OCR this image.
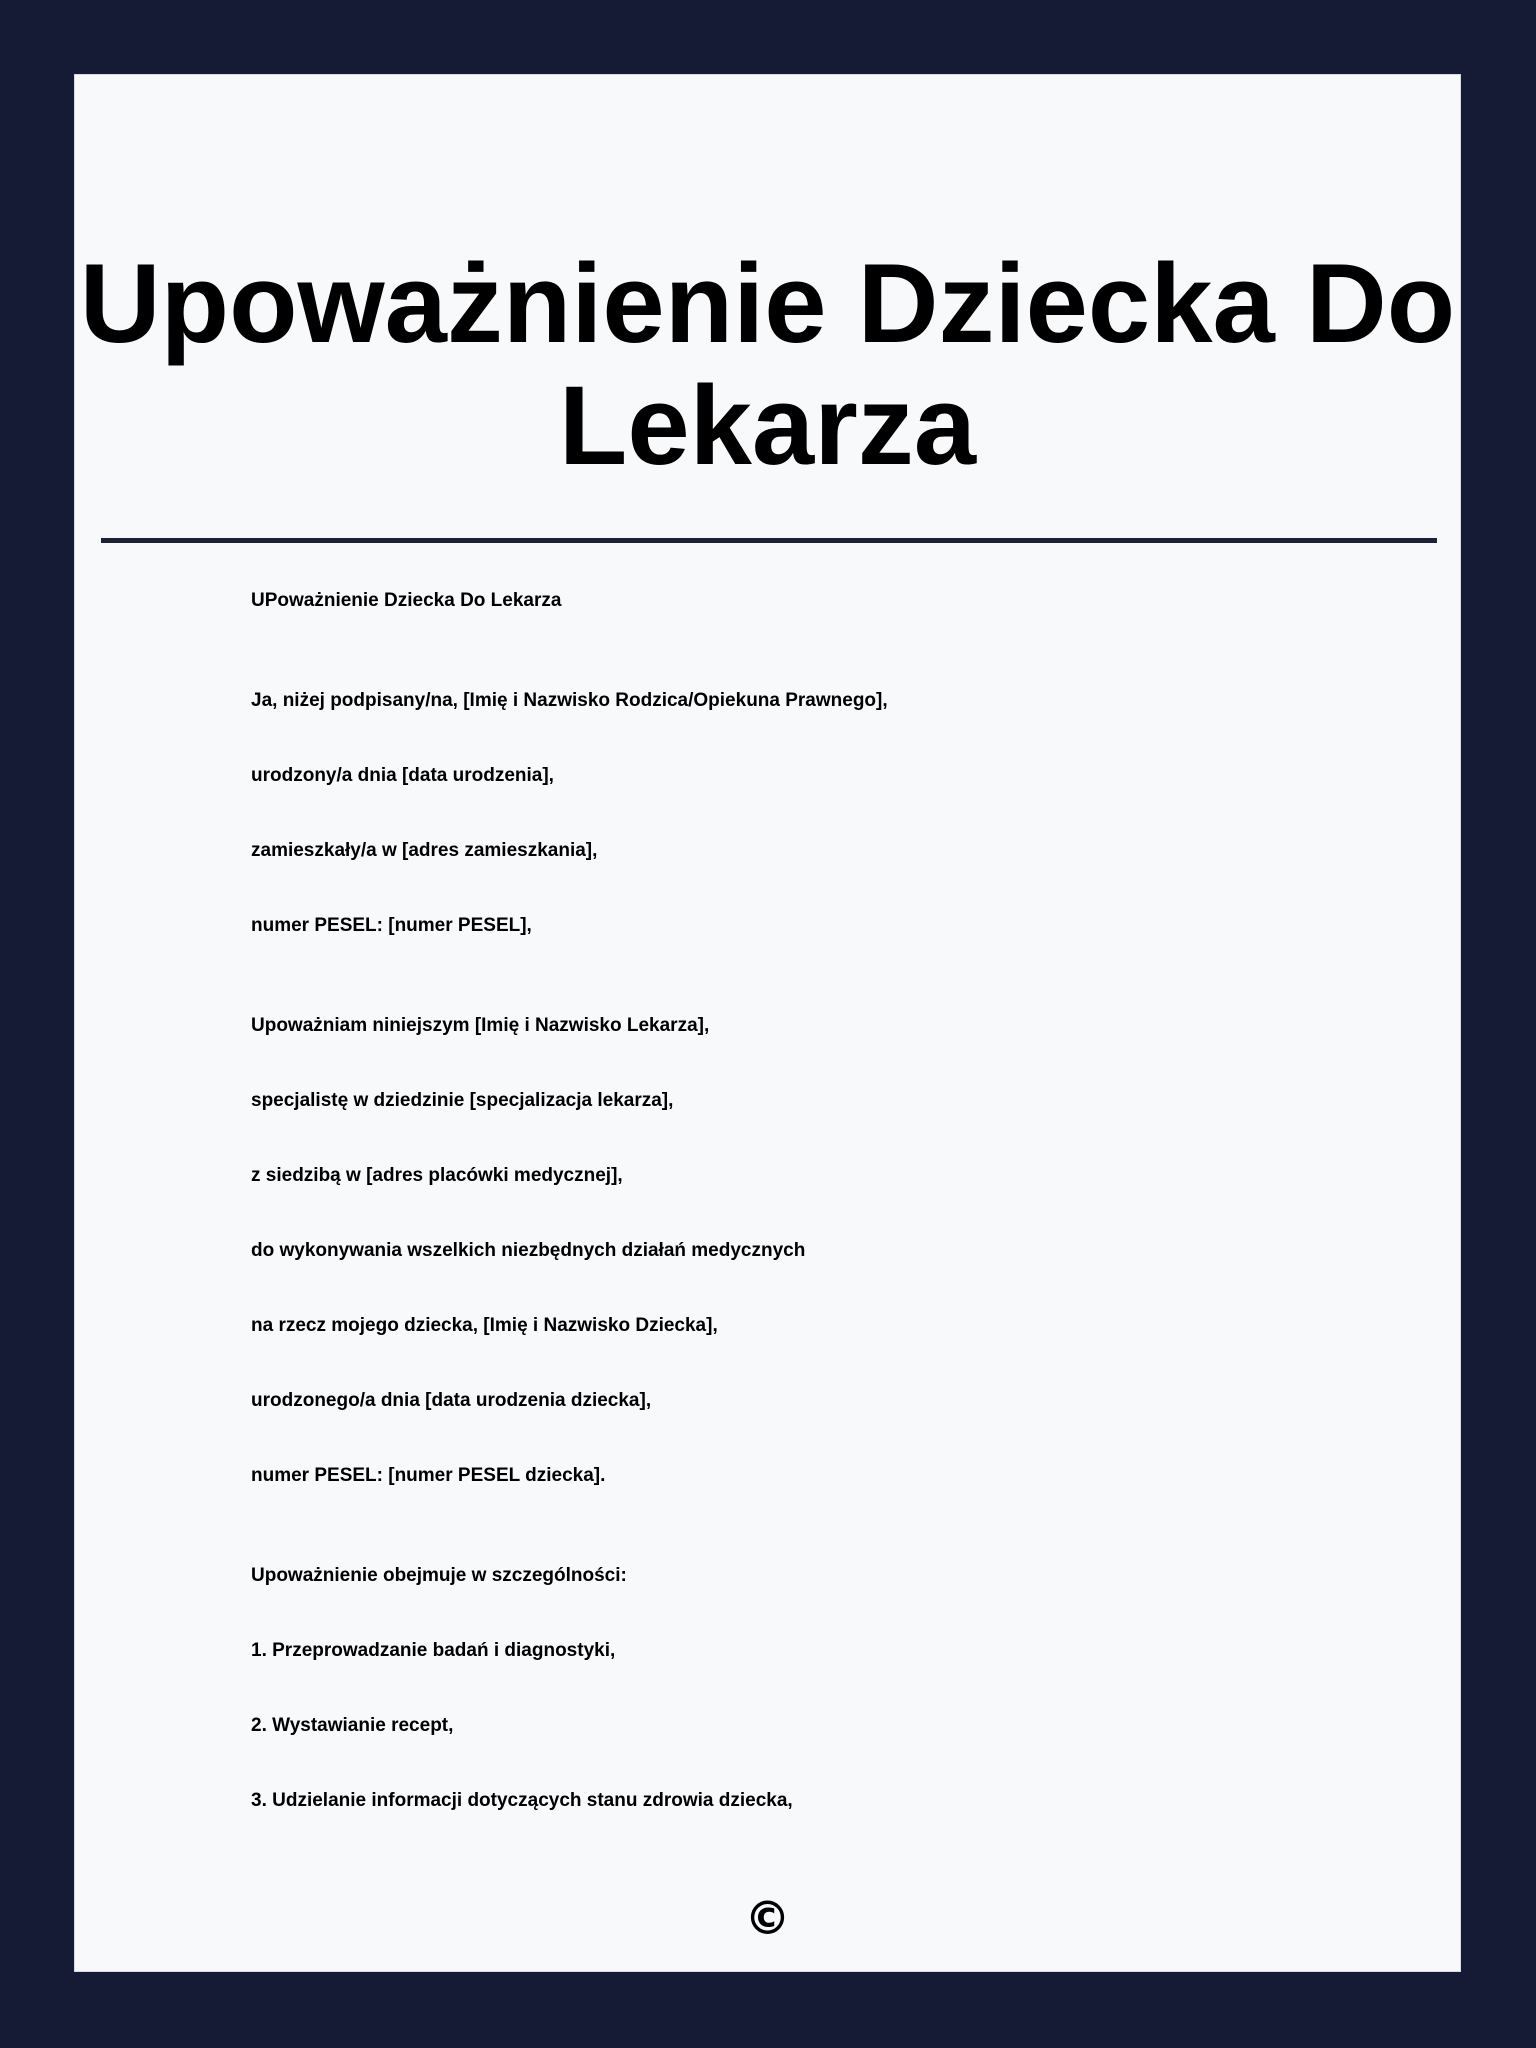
Upoważnienie Dziecka Do Lekarza

UPoważnienie Dziecka Do Lekarza

Ja, niżej podpisany/na, [Imię i Nazwisko Rodzica/Opiekuna Prawnego],

urodzony/a dnia [data urodzenia],

zamieszkały/a w [adres zamieszkania],

numer PESEL: [numer PESEL],

Upoważniam niniejszym [Imię i Nazwisko Lekarza],

specjalistę w dziedzinie [specjalizacja lekarza],

z siedzibą w [adres placówki medycznej],

do wykonywania wszelkich niezbędnych działań medycznych

na rzecz mojego dziecka, [Imię i Nazwisko Dziecka],

urodzonego/a dnia [data urodzenia dziecka],

numer PESEL: [numer PESEL dziecka].

Upoważnienie obejmuje w szczególności:

1. Przeprowadzanie badań i diagnostyki,

2. Wystawianie recept,

3. Udzielanie informacji dotyczących stanu zdrowia dziecka,

©
